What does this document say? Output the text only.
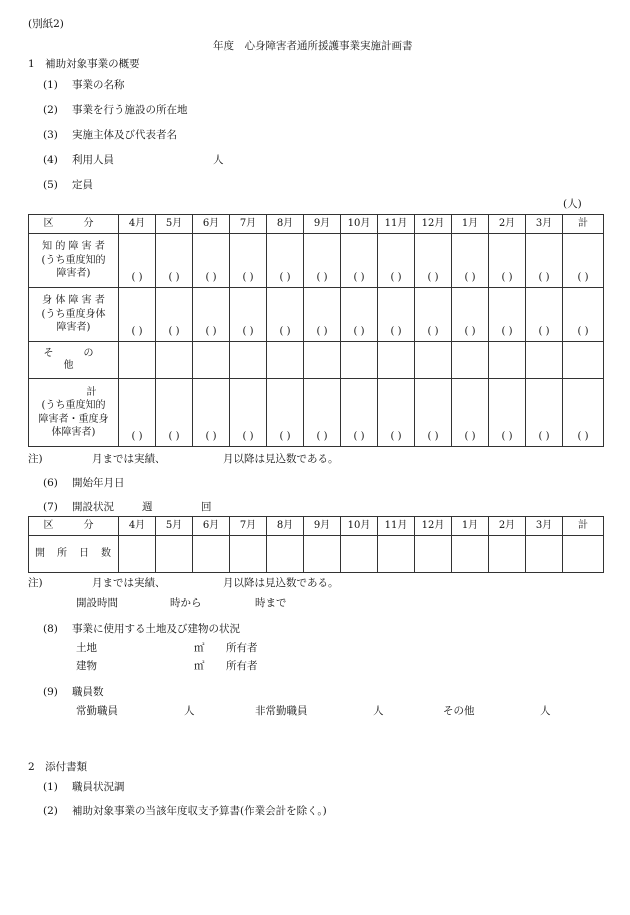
(別紙2)
年度　心身障害者通所援護事業実施計画書
1　補助対象事業の概要
(1) 事業の名称
(2) 事業を行う施設の所在地
(3) 実施主体及び代表者名
(4) 利用人員	人
(5) 定員
(人)
区　分	4月	5月	6月	7月	8月	9月	10月	11月	12月	1月	2月	3月	計

知 的 障 害 者
(うち重度知的
障害者)	( )	( )	( )	( )	( )	( )	( )	( )	( )	( )	( )	( )	( )

身 体 障 害 者
(うち重度身体
障害者)	( )	( )	( )	( )	( )	( )	( )	( )	( )	( )	( )	( )	( )

そ　の　他													

計
(うち重度知的
障害者・重度身
体障害者)	( )	( )	( )	( )	( )	( )	( )	( )	( )	( )	( )	( )	( )
注)	月までは実績、	月以降は見込数である。
(6) 開始年月日
(7) 開設状況	週	回
区　分	4月	5月	6月	7月	8月	9月	10月	11月	12月	1月	2月	3月	計
開　所　日　数													
注)	月までは実績、	月以降は見込数である。
開設時間	時から	時まで
(8) 事業に使用する土地及び建物の状況
土地	㎡ 所有者
建物	㎡ 所有者
(9) 職員数
常勤職員	人	非常勤職員	人	その他	人
2　添付書類
(1) 職員状況調
(2) 補助対象事業の当該年度収支予算書(作業会計を除く。)
